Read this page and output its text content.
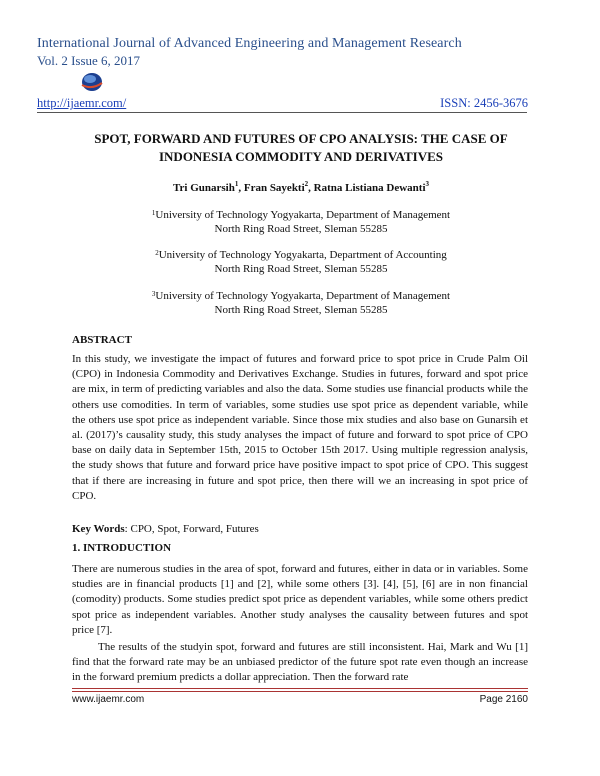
International Journal of Advanced Engineering and Management Research
Vol. 2 Issue 6, 2017
http://ijaemr.com/	ISSN: 2456-3676
SPOT, FORWARD AND FUTURES OF CPO ANALYSIS: THE CASE OF
INDONESIA COMMODITY AND DERIVATIVES
Tri Gunarsih$^1$, Fran Sayekti$^2$, Ratna Listiana Dewanti$^3$
$^1$University of Technology Yogyakarta, Department of Management
North Ring Road Street, Sleman 55285
$^2$University of Technology Yogyakarta, Department of Accounting
North Ring Road Street, Sleman 55285
$^3$University of Technology Yogyakarta, Department of Management
North Ring Road Street, Sleman 55285
ABSTRACT
In this study, we investigate the impact of futures and forward price to spot price in Crude Palm Oil (CPO) in Indonesia Commodity and Derivatives Exchange. Studies in futures, forward and spot price are mix, in term of predicting variables and also the data. Some studies use financial products while the others use comodities. In term of variables, some studies use spot price as dependent variable, while the others use spot price as independent variable. Since those mix studies and also base on Gunarsih et al. (2017)’s causality study, this study analyses the impact of future and forward to spot price of CPO base on daily data in September 15th, 2015 to October 15th 2017. Using multiple regression analysis, the study shows that future and forward price have positive impact to spot price of CPO. This suggest that if there are increasing in future and spot price, then there will we an increasing in spot price of CPO.
Key Words: CPO, Spot, Forward, Futures
1. INTRODUCTION
There are numerous studies in the area of spot, forward and futures, either in data or in variables. Some studies are in financial products [1] and [2], while some others [3]. [4], [5], [6] are in non financial (comodity) products. Some studies predict spot price as dependent variables, while some others predict spot price as independent variables. Another study analyses the causality between futures and spot price [7].
The results of the studyin spot, forward and futures are still inconsistent. Hai, Mark and Wu [1] find that the forward rate may be an unbiased predictor of the future spot rate even though an increase in the forward premium predicts a dollar appreciation. Then the forward rate
www.ijaemr.com	Page 2160
